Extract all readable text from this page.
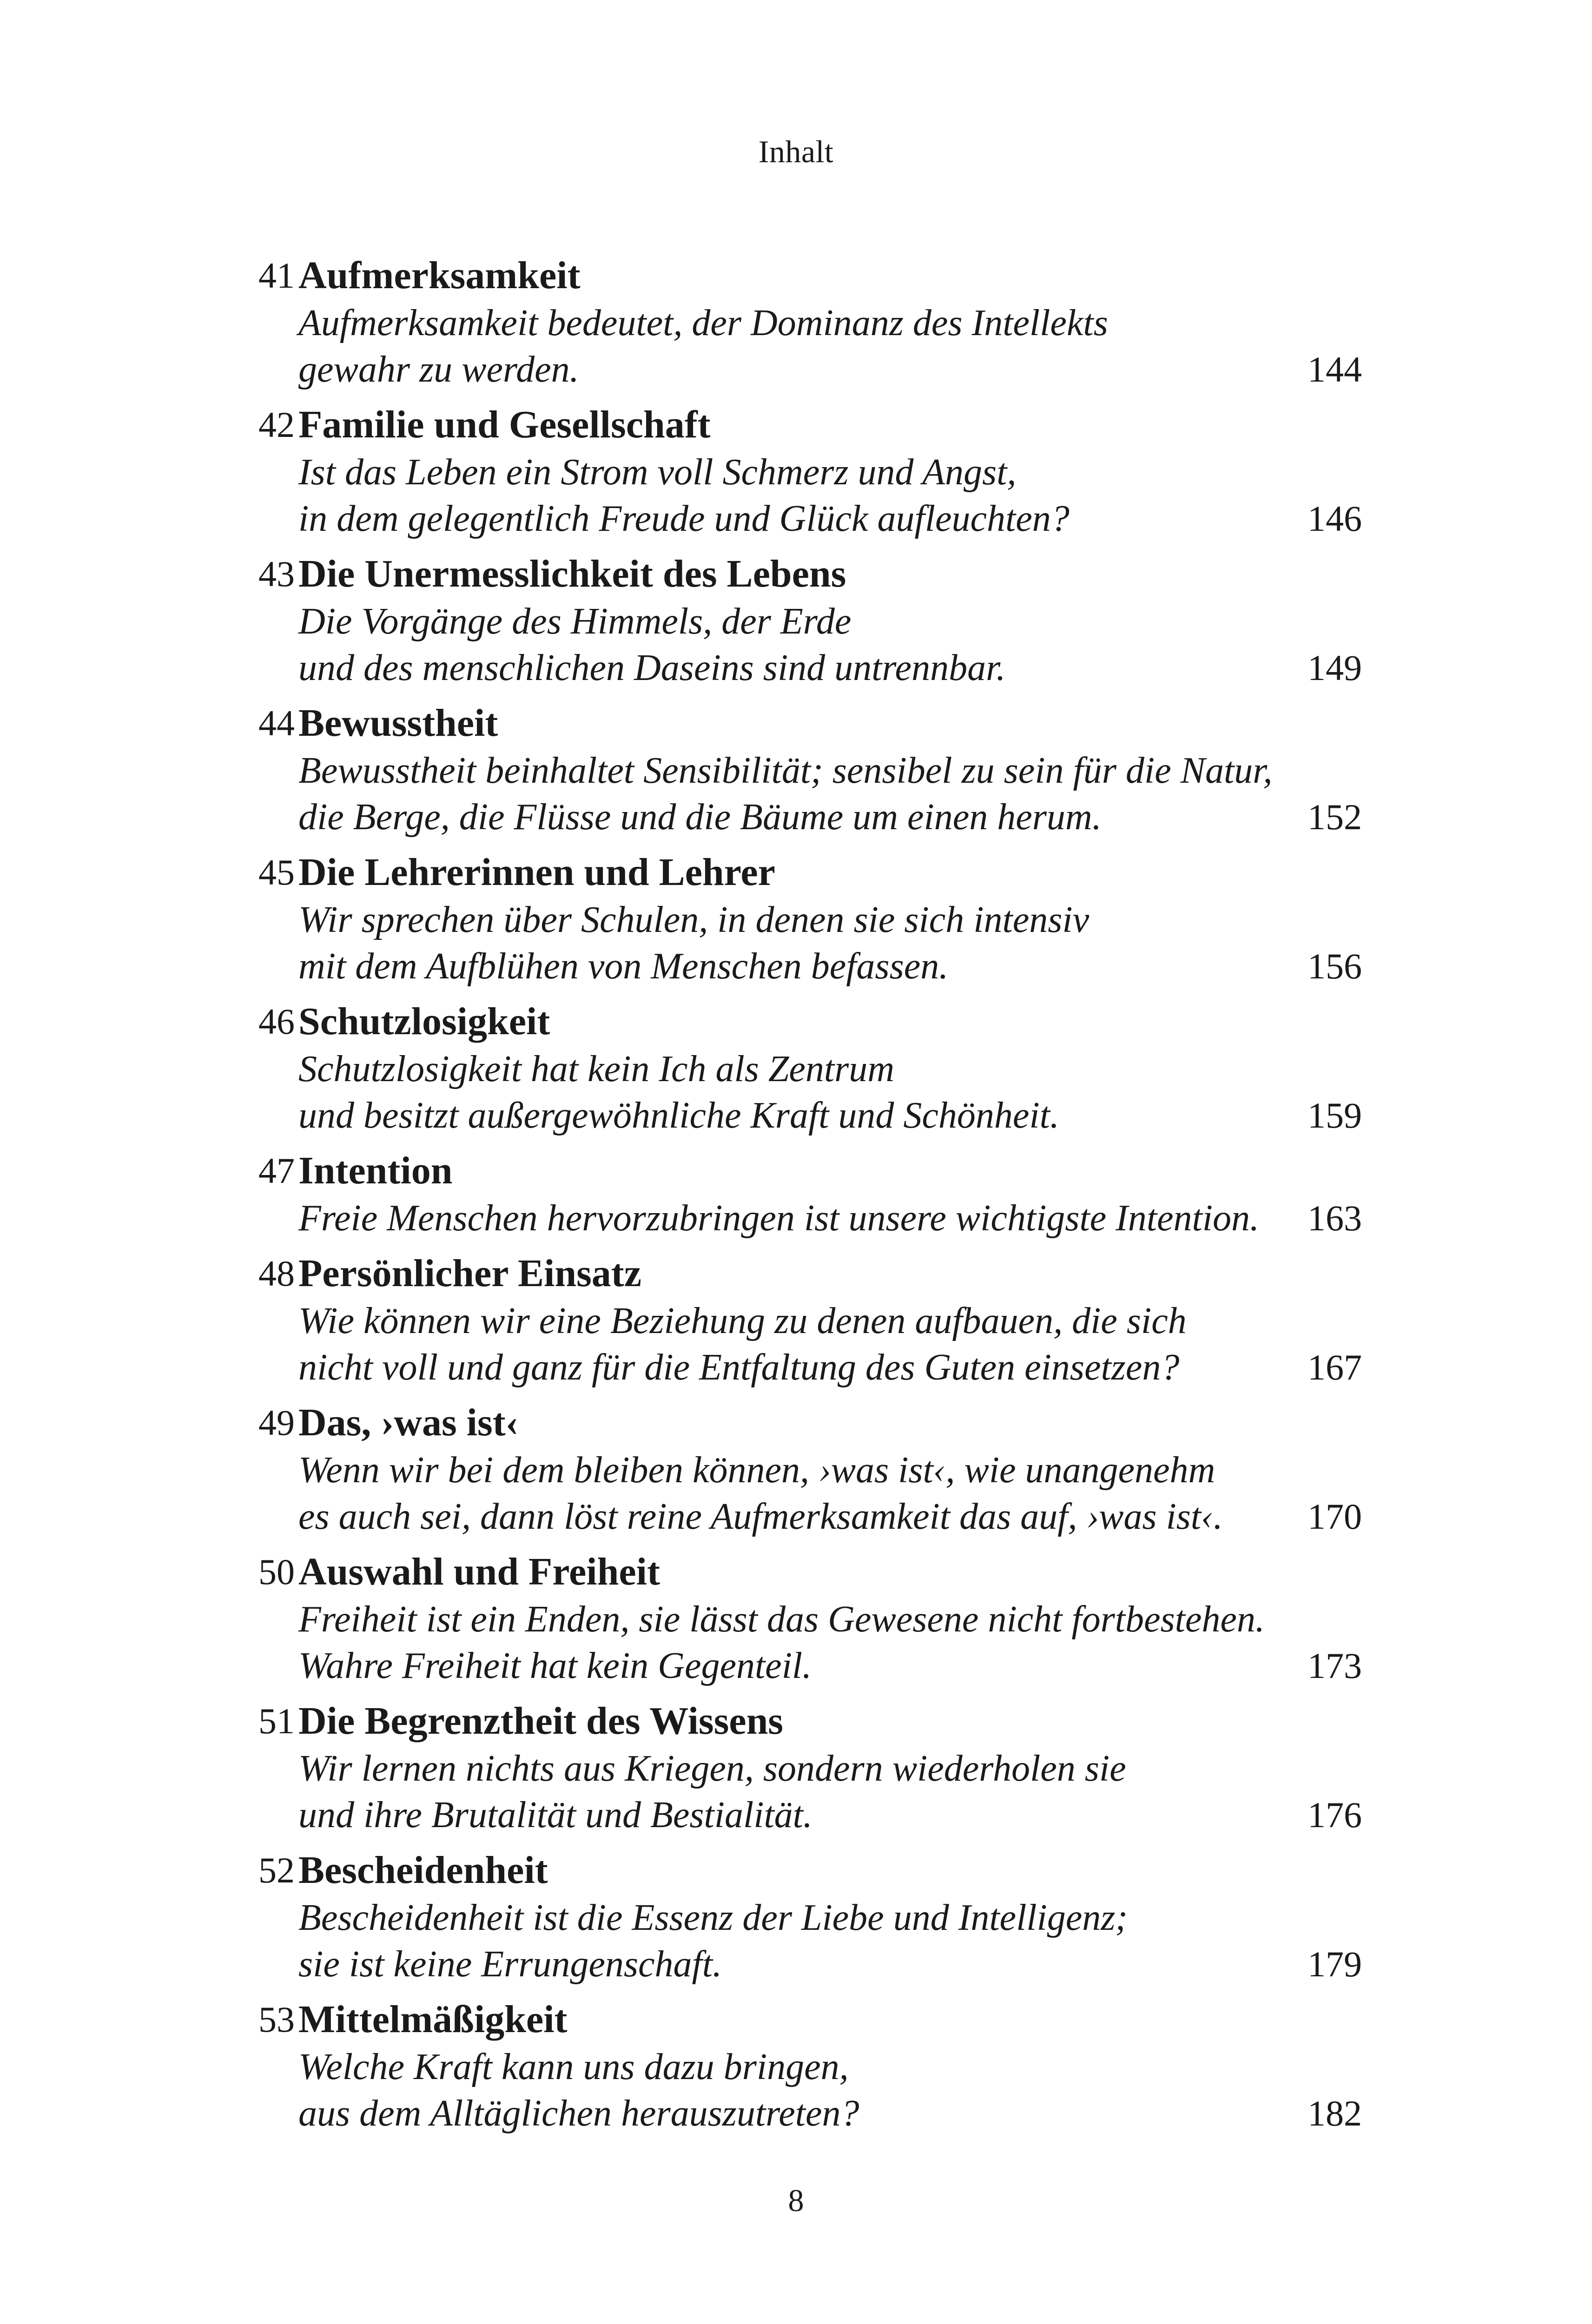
Inhalt
41 Aufmerksamkeit
Aufmerksamkeit bedeutet, der Dominanz des Intellekts
gewahr zu werden.	144
42 Familie und Gesellschaft
Ist das Leben ein Strom voll Schmerz und Angst,
in dem gelegentlich Freude und Glück aufleuchten?	146
43 Die Unermesslichkeit des Lebens
Die Vorgänge des Himmels, der Erde
und des menschlichen Daseins sind untrennbar.	149
44 Bewusstheit
Bewusstheit beinhaltet Sensibilität; sensibel zu sein für die Natur,
die Berge, die Flüsse und die Bäume um einen herum.	152
45 Die Lehrerinnen und Lehrer
Wir sprechen über Schulen, in denen sie sich intensiv
mit dem Aufblühen von Menschen befassen.	156
46 Schutzlosigkeit
Schutzlosigkeit hat kein Ich als Zentrum
und besitzt außergewöhnliche Kraft und Schönheit.	159
47 Intention
Freie Menschen hervorzubringen ist unsere wichtigste Intention. 163
48 Persönlicher Einsatz
Wie können wir eine Beziehung zu denen aufbauen, die sich
nicht voll und ganz für die Entfaltung des Guten einsetzen?	167
49 Das, ›was ist‹
Wenn wir bei dem bleiben können, ›was ist‹, wie unangenehm
es auch sei, dann löst reine Aufmerksamkeit das auf, ›was ist‹. 170
50 Auswahl und Freiheit
Freiheit ist ein Enden, sie lässt das Gewesene nicht fortbestehen.
Wahre Freiheit hat kein Gegenteil.	173
51 Die Begrenztheit des Wissens
Wir lernen nichts aus Kriegen, sondern wiederholen sie
und ihre Brutalität und Bestialität.	176
52 Bescheidenheit
Bescheidenheit ist die Essenz der Liebe und Intelligenz;
sie ist keine Errungenschaft.	179
53 Mittelmäßigkeit
Welche Kraft kann uns dazu bringen,
aus dem Alltäglichen herauszutreten?	182
8
